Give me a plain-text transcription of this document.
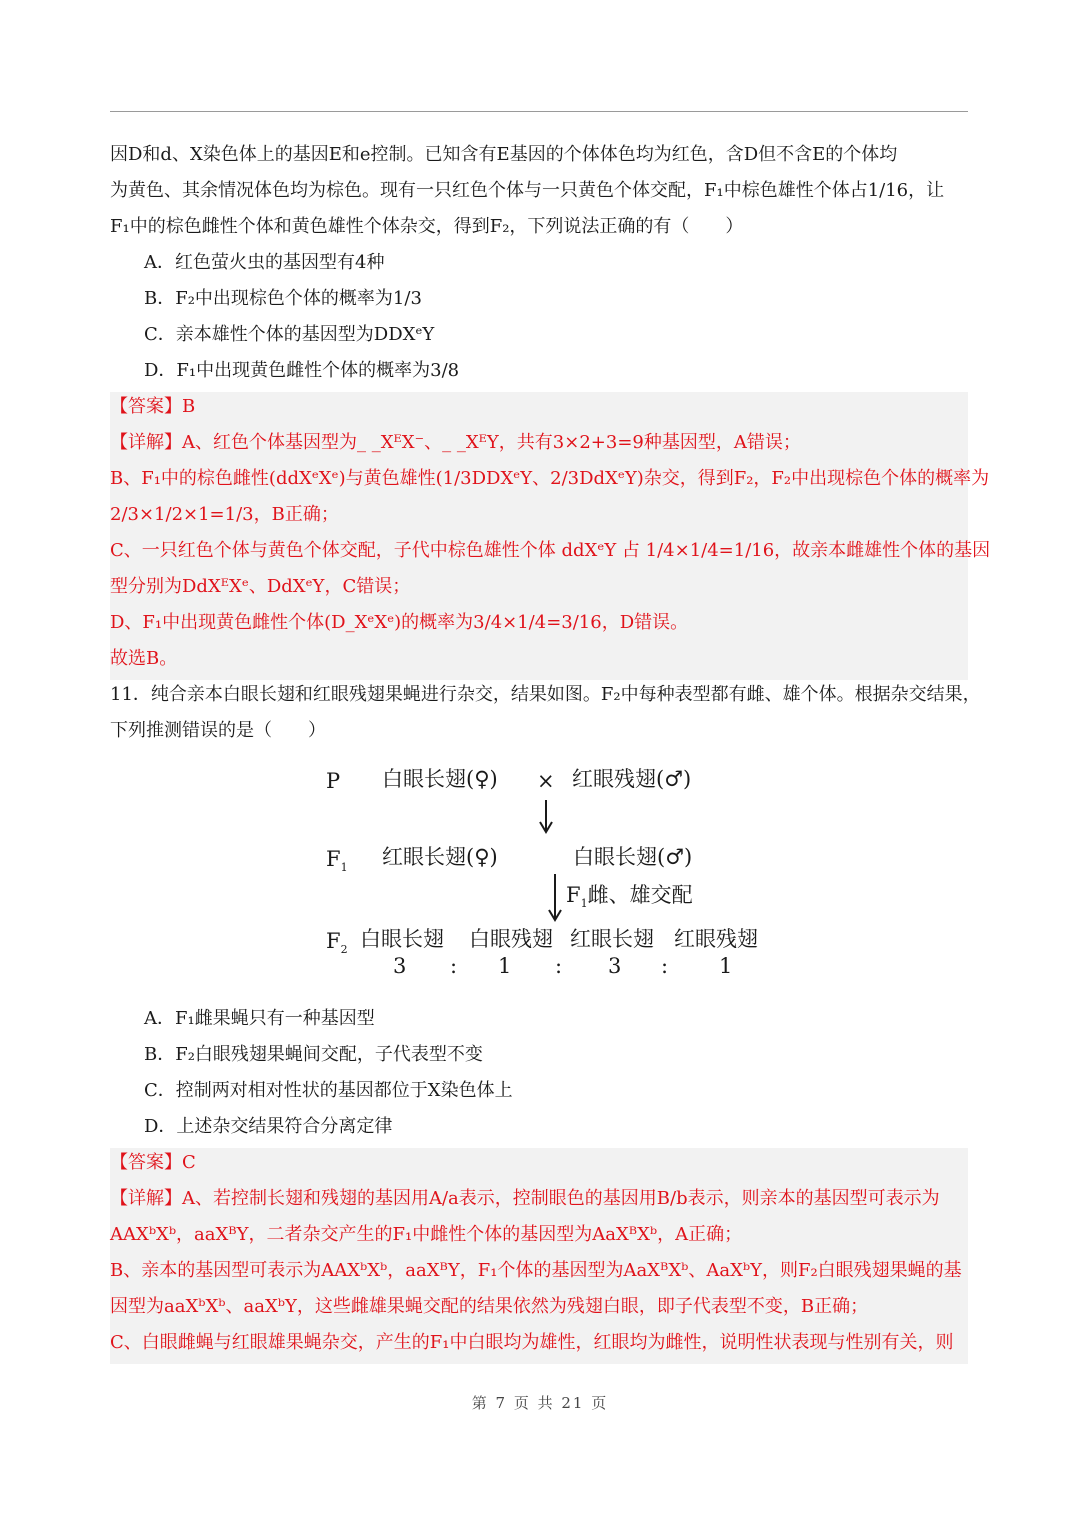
因D和d、X染色体上的基因E和e控制。已知含有E基因的个体体色均为红色，含D但不含E的个体均
为黄色、其余情况体色均为棕色。现有一只红色个体与一只黄色个体交配，F₁中棕色雄性个体占1/16，让
F₁中的棕色雌性个体和黄色雄性个体杂交，得到F₂，下列说法正确的有（　　）
A．红色萤火虫的基因型有4种
B．F₂中出现棕色个体的概率为1/3
C．亲本雄性个体的基因型为DDXᵉY
D．F₁中出现黄色雌性个体的概率为3/8
【答案】B
【详解】A、红色个体基因型为_ _XᴱX⁻、_ _XᴱY，共有3×2+3=9种基因型，A错误；
B、F₁中的棕色雌性(ddXᵉXᵉ)与黄色雄性(1/3DDXᵉY、2/3DdXᵉY)杂交，得到F₂，F₂中出现棕色个体的概率为
2/3×1/2×1=1/3，B正确；
C、一只红色个体与黄色个体交配，子代中棕色雄性个体 ddXᵉY 占 1/4×1/4=1/16，故亲本雌雄性个体的基因
型分别为DdXᴱXᵉ、DdXᵉY，C错误；
D、F₁中出现黄色雌性个体(D_XᵉXᵉ)的概率为3/4×1/4=3/16，D错误。
故选B。
11．纯合亲本白眼长翅和红眼残翅果蝇进行杂交，结果如图。F₂中每种表型都有雌、雄个体。根据杂交结果，
下列推测错误的是（　　）
P 白眼长翅(♀) × 红眼残翅(♂)
$F_1$ 红眼长翅(♀)	白眼长翅(♂)
$F_1$雌、雄交配
$F_2$ 白眼长翅 白眼残翅 红眼长翅 红眼残翅
3 : 1 : 3 : 1
A．F₁雌果蝇只有一种基因型
B．F₂白眼残翅果蝇间交配，子代表型不变
C．控制两对相对性状的基因都位于X染色体上
D．上述杂交结果符合分离定律
【答案】C
【详解】A、若控制长翅和残翅的基因用A/a表示，控制眼色的基因用B/b表示，则亲本的基因型可表示为
AAXᵇXᵇ，aaXᴮY，二者杂交产生的F₁中雌性个体的基因型为AaXᴮXᵇ，A正确；
B、亲本的基因型可表示为AAXᵇXᵇ，aaXᴮY，F₁个体的基因型为AaXᴮXᵇ、AaXᵇY，则F₂白眼残翅果蝇的基
因型为aaXᵇXᵇ、aaXᵇY，这些雌雄果蝇交配的结果依然为残翅白眼，即子代表型不变，B正确；
C、白眼雌蝇与红眼雄果蝇杂交，产生的F₁中白眼均为雄性，红眼均为雌性，说明性状表现与性别有关，则
第 7 页 共 21 页
